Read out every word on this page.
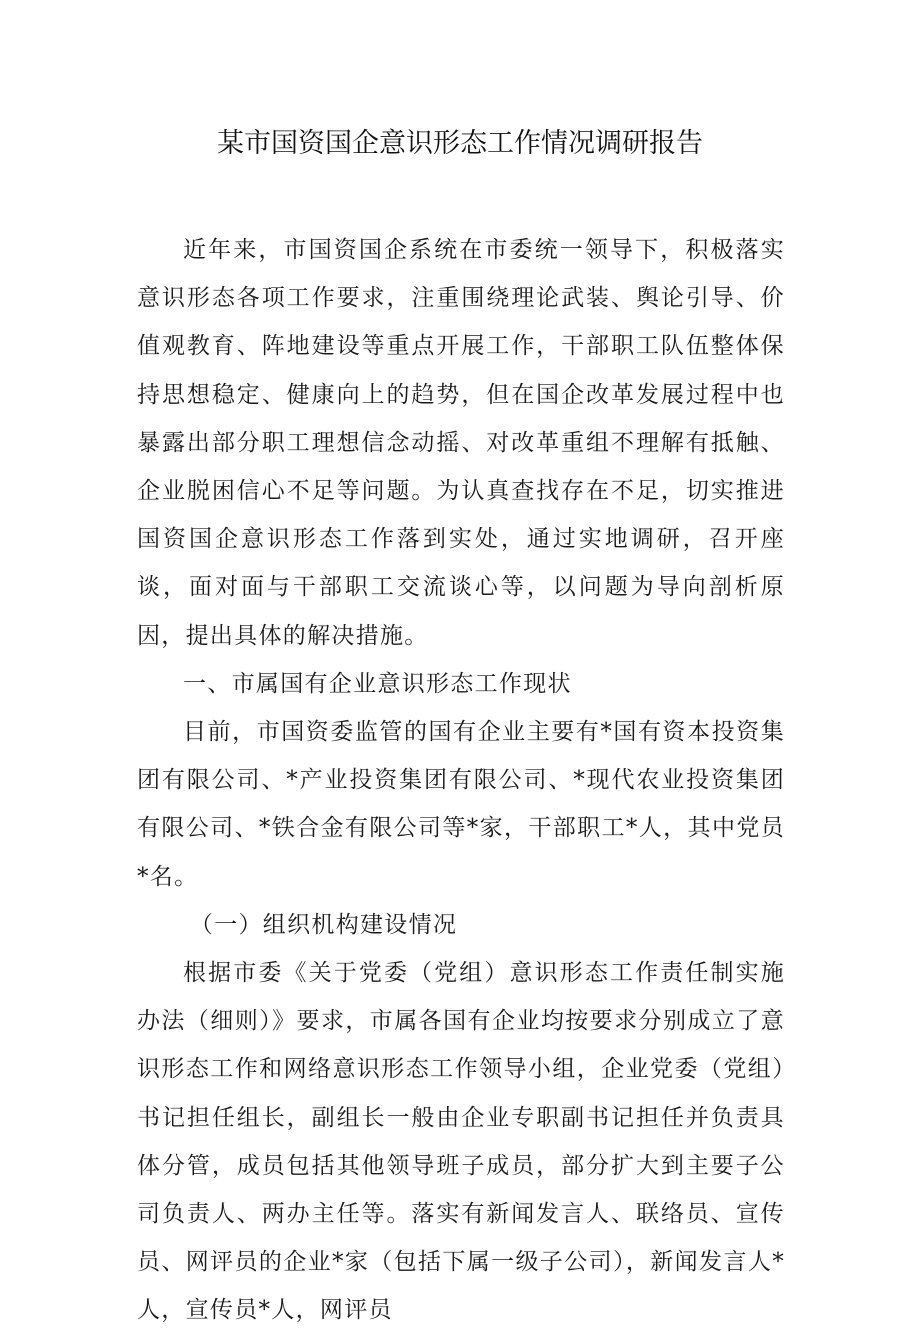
某市国资国企意识形态工作情况调研报告

近年来，市国资国企系统在市委统一领导下，积极落实意识形态各项工作要求，注重围绕理论武装、舆论引导、价值观教育、阵地建设等重点开展工作，干部职工队伍整体保持思想稳定、健康向上的趋势，但在国企改革发展过程中也暴露出部分职工理想信念动摇、对改革重组不理解有抵触、企业脱困信心不足等问题。为认真查找存在不足，切实推进国资国企意识形态工作落到实处，通过实地调研，召开座谈，面对面与干部职工交流谈心等，以问题为导向剖析原因，提出具体的解决措施。

一、市属国有企业意识形态工作现状

目前，市国资委监管的国有企业主要有*国有资本投资集团有限公司、*产业投资集团有限公司、*现代农业投资集团有限公司、*铁合金有限公司等*家，干部职工*人，其中党员*名。

（一）组织机构建设情况

根据市委《关于党委（党组）意识形态工作责任制实施办法（细则）》要求，市属各国有企业均按要求分别成立了意识形态工作和网络意识形态工作领导小组，企业党委（党组）书记担任组长，副组长一般由企业专职副书记担任并负责具体分管，成员包括其他领导班子成员，部分扩大到主要子公司负责人、两办主任等。落实有新闻发言人、联络员、宣传员、网评员的企业*家（包括下属一级子公司），新闻发言人*人，宣传员*人，网评员
